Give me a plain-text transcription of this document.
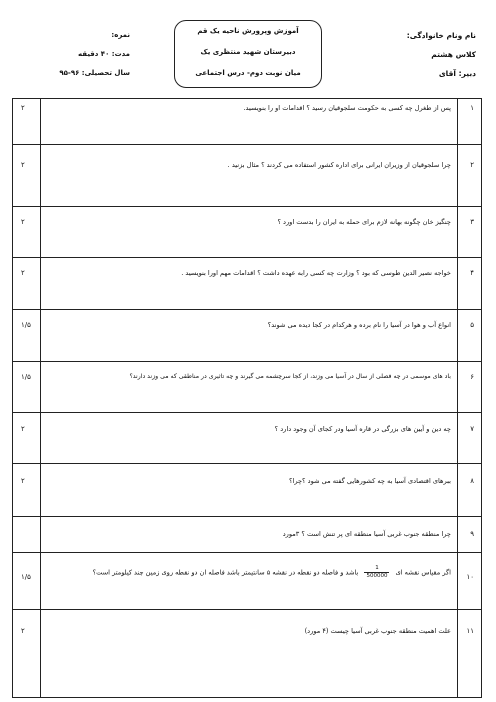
نام ونام خانوادگی:
کلاس هشتم
دبیر: آقای
آموزش وپرورش ناحیه یک قم
دبیرستان شهید منتظری یک
میان نوبت دوم- درس اجتماعی
نمره:
مدت: ۴۰ دقیقه
سال تحصیلی: ۹۶-۹۵
۱
پس از طغرل چه کسی به حکومت سلجوقیان رسید ؟ اقدامات او را بنویسید.
۲
۲
چرا سلجوقیان از وزیران ایرانی برای اداره کشور استفاده می کردند ؟ مثال بزنید .
۲
۳
چنگیز خان چگونه بهانه لازم برای حمله به ایران را بدست اورد ؟
۲
۴
خواجه نصیر الدین طوسی که بود ؟ وزارت چه کسی رابه عهده داشت ؟ اقدامات مهم اورا بنویسید .
۲
۵
انواع آب و هوا در آسیا را نام برده و هرکدام در کجا دیده می شوند؟
۱/۵
۶
باد های موسمی در چه فصلی از سال در آسیا می وزند، از کجا سرچشمه می گیرند و چه تاثیری در مناطقی که می وزند دارند؟
۱/۵
۷
چه دین و آیین های بزرگی در قاره آسیا ودر کجای آن وجود دارد ؟
۲
۸
ببرهای اقتصادی آسیا به چه کشورهایی گفته می شود ؟چرا؟
۲
۹
چرا منطقه جنوب غربی آسیا منطقه ای پر تنش است ؟ ۳مورد
۱۰
اگر مقیاس نقشه ای
$\frac{1}{500000}$
باشد و فاصله دو نقطه در نقشه ۵ سانتیمتر باشد فاصله ان دو نقطه روی زمین چند کیلومتر است؟
۱/۵
۱۱
علت اهمیت منطقه جنوب غربی آسیا چیست (۴ مورد)
۲
